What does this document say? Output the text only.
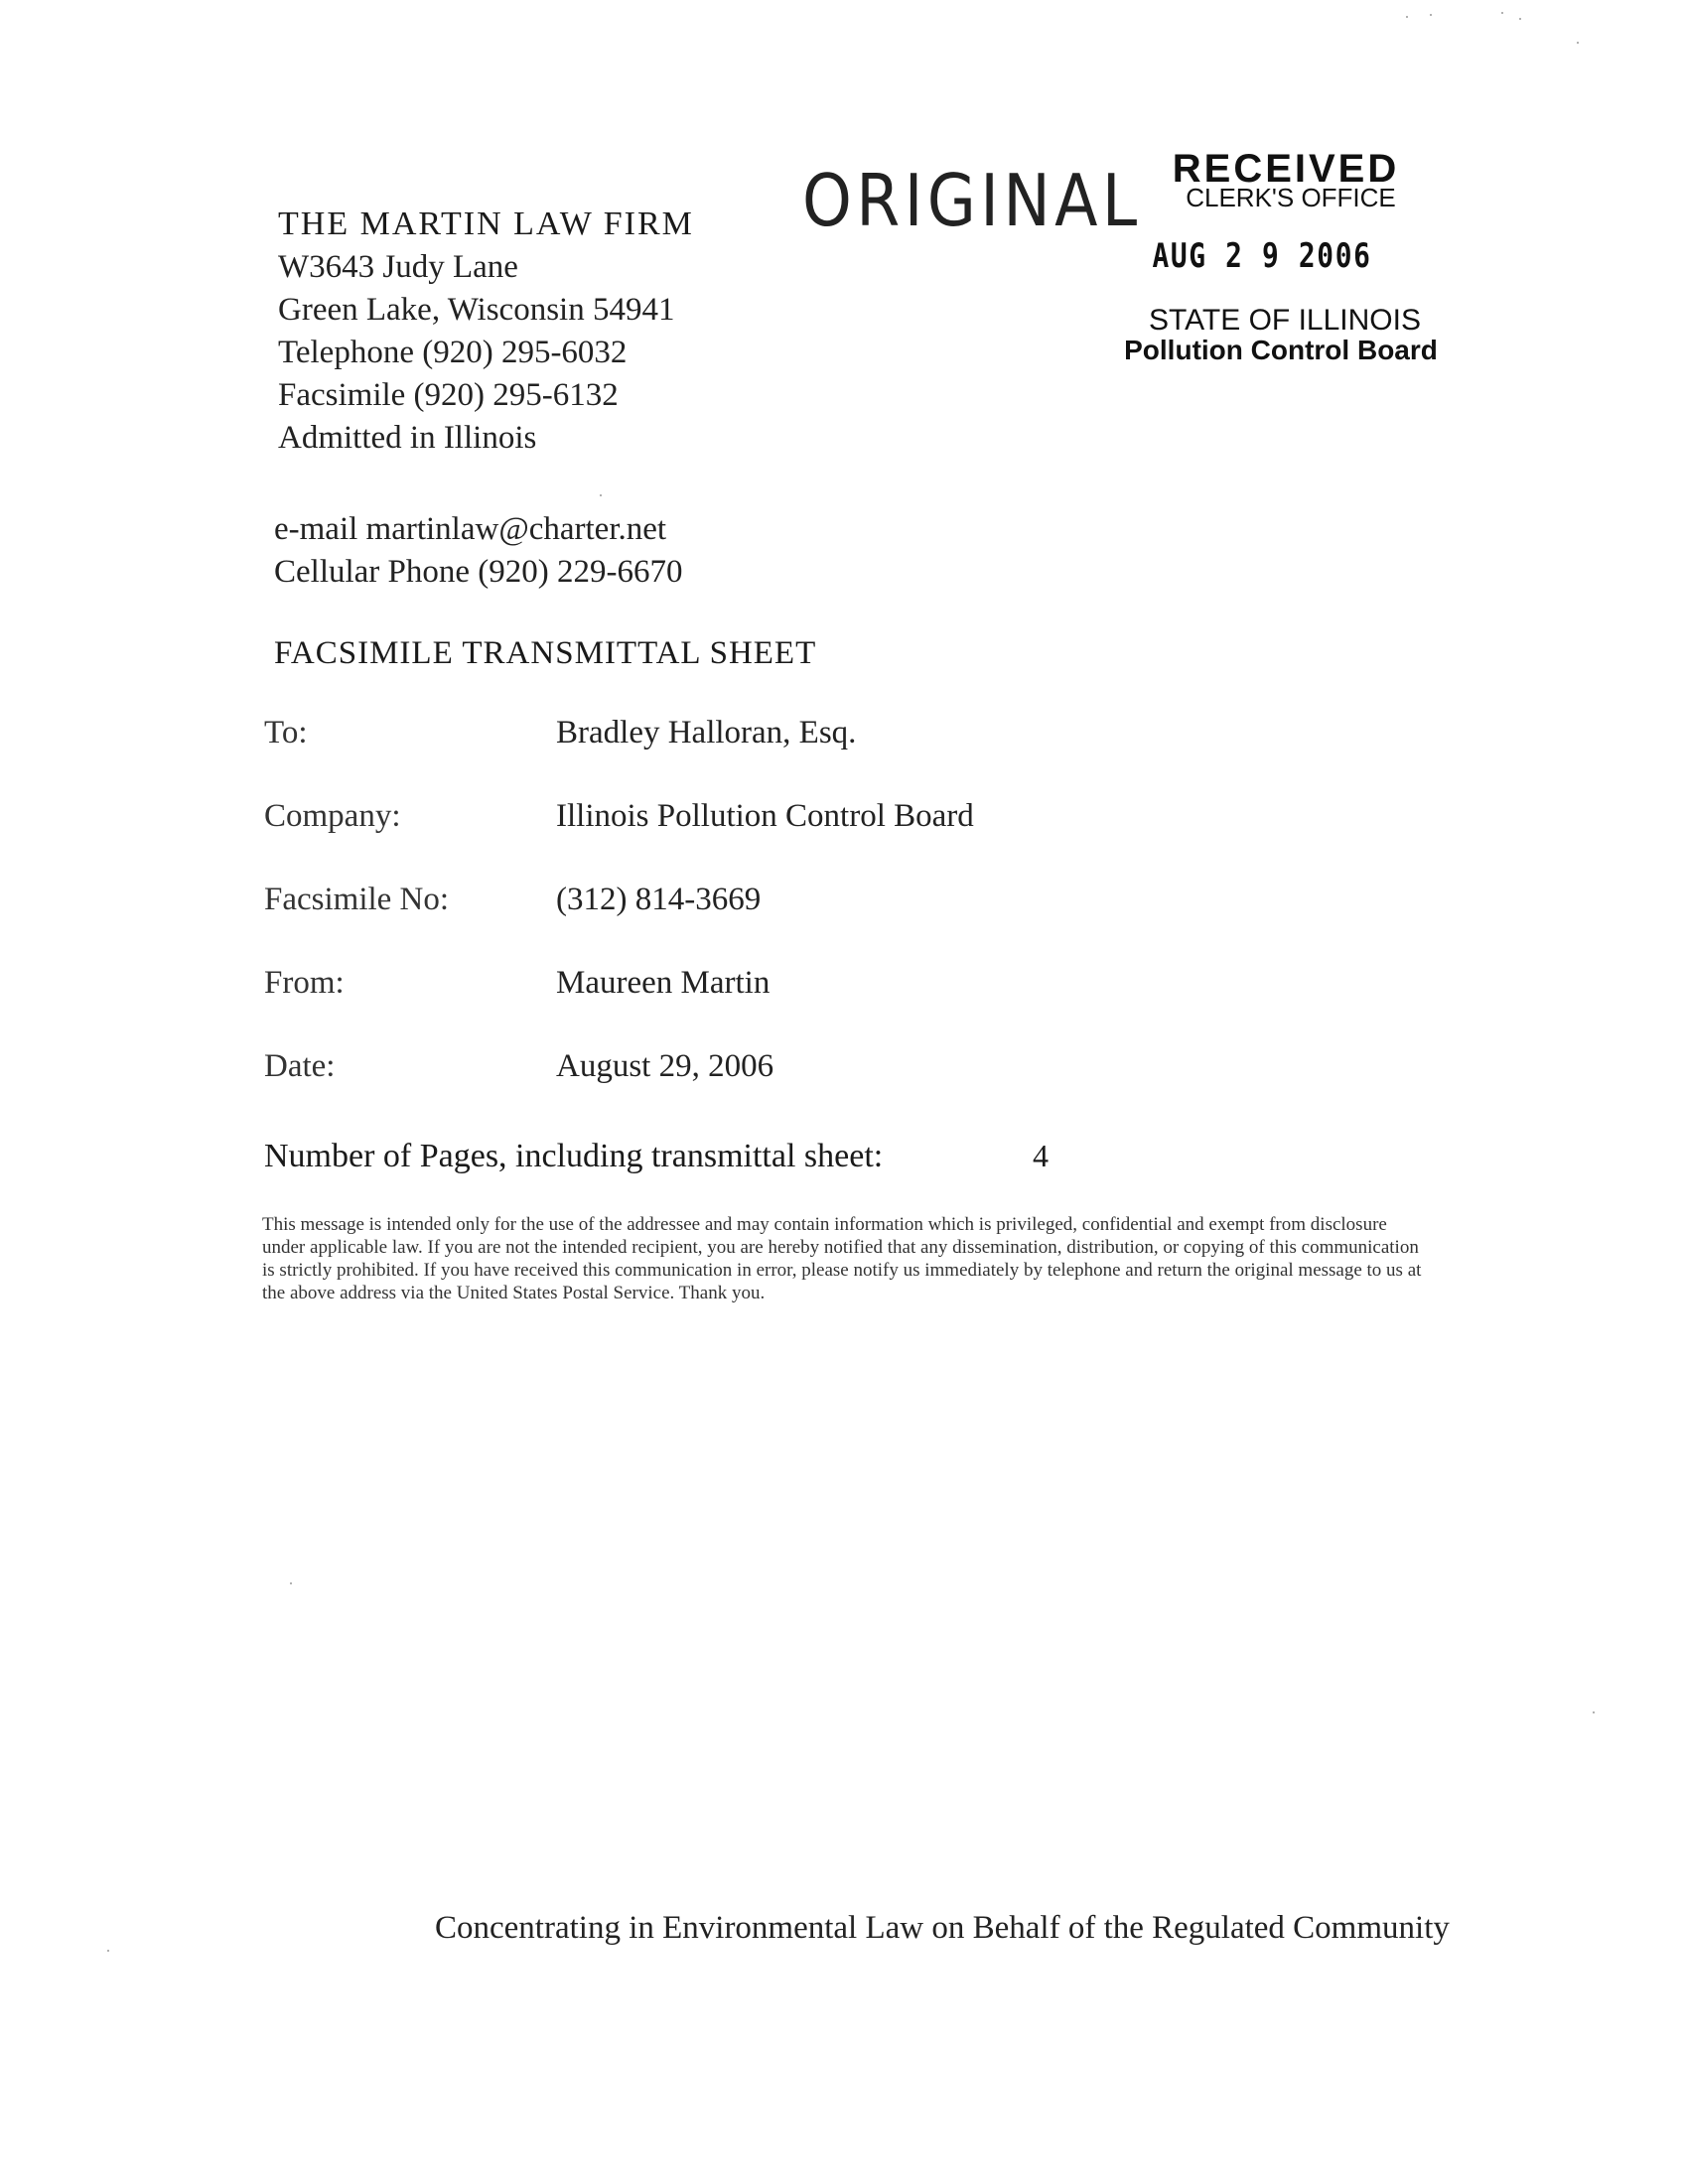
THE MARTIN LAW FIRM
W3643 Judy Lane
Green Lake, Wisconsin 54941
Telephone (920) 295-6032
Facsimile (920) 295-6132
Admitted in Illinois
e-mail martinlaw@charter.net
Cellular Phone (920) 229-6670
ORIGINAL RECEIVED
CLERK'S OFFICE
AUG 2 9 2006
STATE OF ILLINOIS
Pollution Control Board
FACSIMILE TRANSMITTAL SHEET
To:	Bradley Halloran, Esq.
Company:	Illinois Pollution Control Board
Facsimile No:	(312) 814-3669
From:	Maureen Martin
Date:	August 29, 2006
Number of Pages, including transmittal sheet:	4
This message is intended only for the use of the addressee and may contain information which is privileged, confidential and exempt from disclosure under applicable law. If you are not the intended recipient, you are hereby notified that any dissemination, distribution, or copying of this communication is strictly prohibited. If you have received this communication in error, please notify us immediately by telephone and return the original message to us at the above address via the United States Postal Service. Thank you.
Concentrating in Environmental Law on Behalf of the Regulated Community
